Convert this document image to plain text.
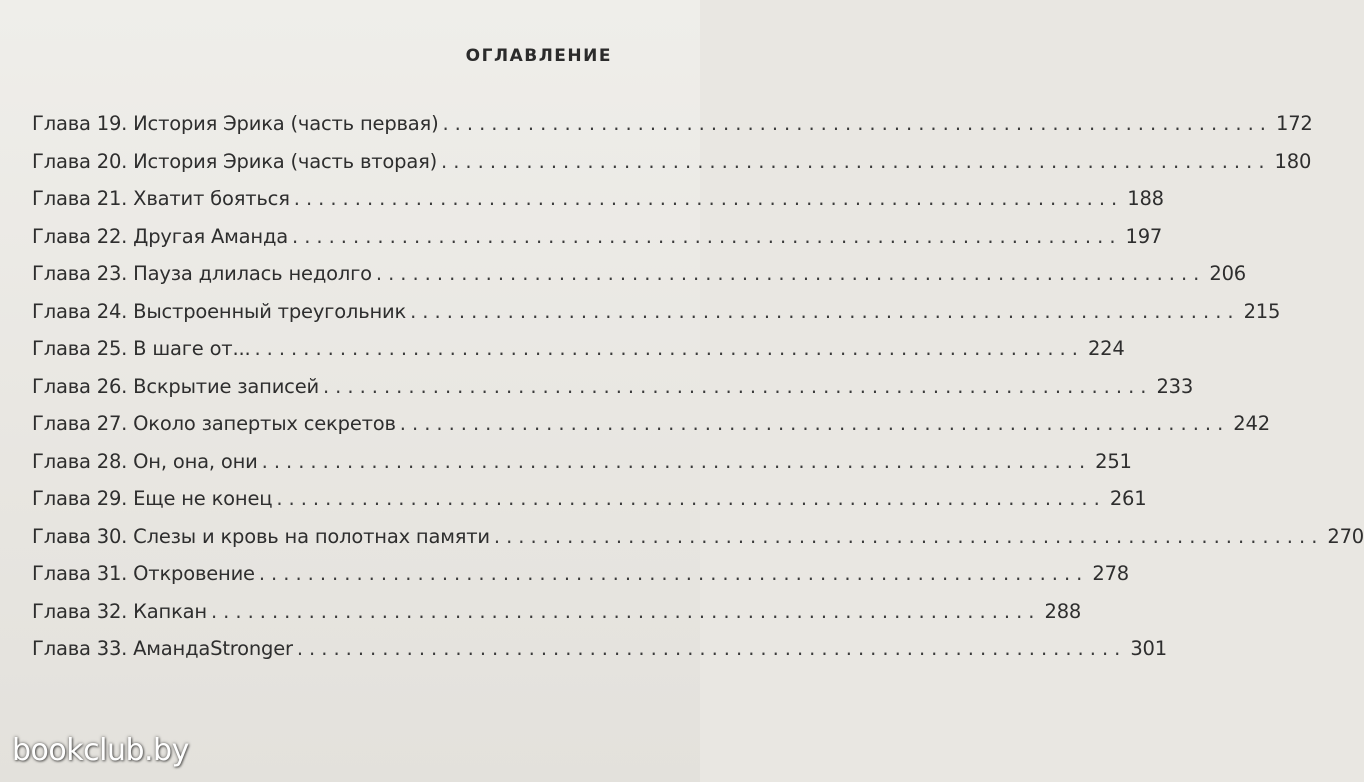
ОГЛАВЛЕНИЕ
Глава 19. История Эрика (часть первая) .................................................................... 172
Глава 20. История Эрика (часть вторая) .................................................................... 180
Глава 21. Хватит бояться .................................................................... 188
Глава 22. Другая Аманда .................................................................... 197
Глава 23. Пауза длилась недолго .................................................................... 206
Глава 24. Выстроенный треугольник .................................................................... 215
Глава 25. В шаге от... .................................................................... 224
Глава 26. Вскрытие записей .................................................................... 233
Глава 27. Около запертых секретов .................................................................... 242
Глава 28. Он, она, они .................................................................... 251
Глава 29. Еще не конец .................................................................... 261
Глава 30. Слезы и кровь на полотнах памяти .................................................................... 270
Глава 31. Откровение .................................................................... 278
Глава 32. Капкан .................................................................... 288
Глава 33. АмандаStronger .................................................................... 301
bookclub.by
